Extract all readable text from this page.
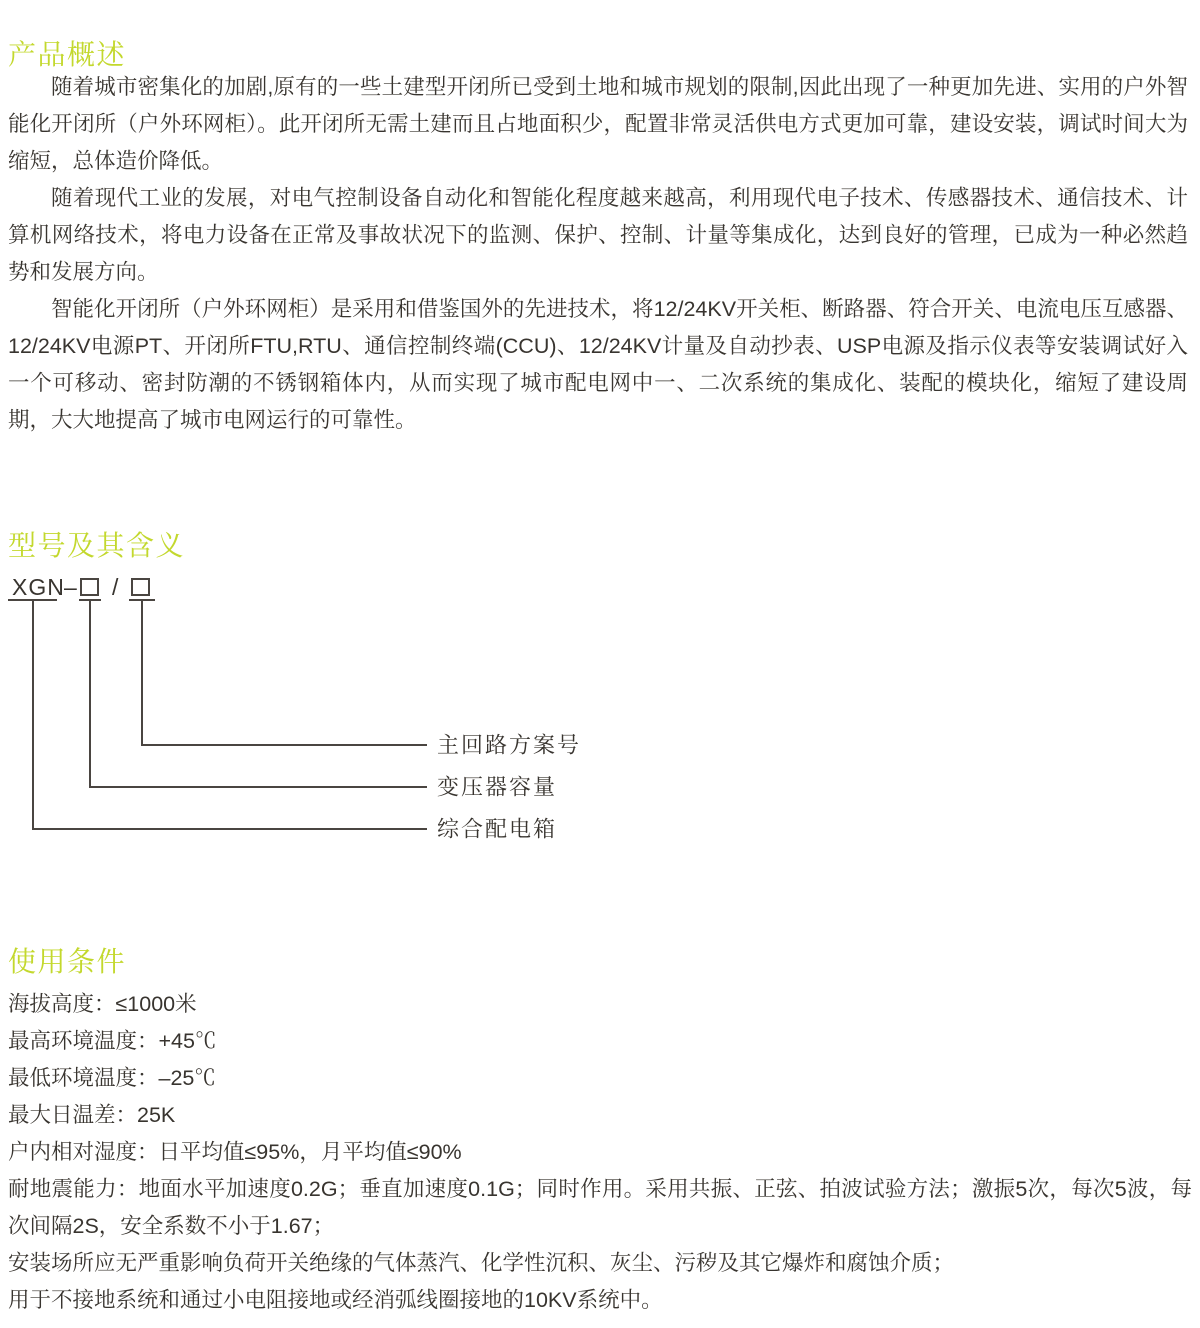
产品概述

随着城市密集化的加剧,原有的一些土建型开闭所已受到土地和城市规划的限制,因此出现了一种更加先进、实用的户外智能化开闭所（户外环网柜）。此开闭所无需土建而且占地面积少，配置非常灵活供电方式更加可靠，建设安装，调试时间大为缩短，总体造价降低。

随着现代工业的发展，对电气控制设备自动化和智能化程度越来越高，利用现代电子技术、传感器技术、通信技术、计算机网络技术，将电力设备在正常及事故状况下的监测、保护、控制、计量等集成化，达到良好的管理，已成为一种必然趋势和发展方向。

智能化开闭所（户外环网柜）是采用和借鉴国外的先进技术，将12/24KV开关柜、断路器、符合开关、电流电压互感器、12/24KV电源PT、开闭所FTU,RTU、通信控制终端(CCU)、12/24KV计量及自动抄表、USP电源及指示仪表等安装调试好入一个可移动、密封防潮的不锈钢箱体内，从而实现了城市配电网中一、二次系统的集成化、装配的模块化，缩短了建设周期，大大地提高了城市电网运行的可靠性。

型号及其含义
XGN – /
主回路方案号
变压器容量
综合配电箱
使用条件

海拔高度：≤1000米

最高环境温度：+45℃

最低环境温度：–25℃

最大日温差：25K

户内相对湿度：日平均值≤95%，月平均值≤90%

耐地震能力：地面水平加速度0.2G；垂直加速度0.1G；同时作用。采用共振、正弦、拍波试验方法；激振5次，每次5波，每次间隔2S，安全系数不小于1.67；

安装场所应无严重影响负荷开关绝缘的气体蒸汽、化学性沉积、灰尘、污秽及其它爆炸和腐蚀介质；

用于不接地系统和通过小电阻接地或经消弧线圈接地的10KV系统中。
